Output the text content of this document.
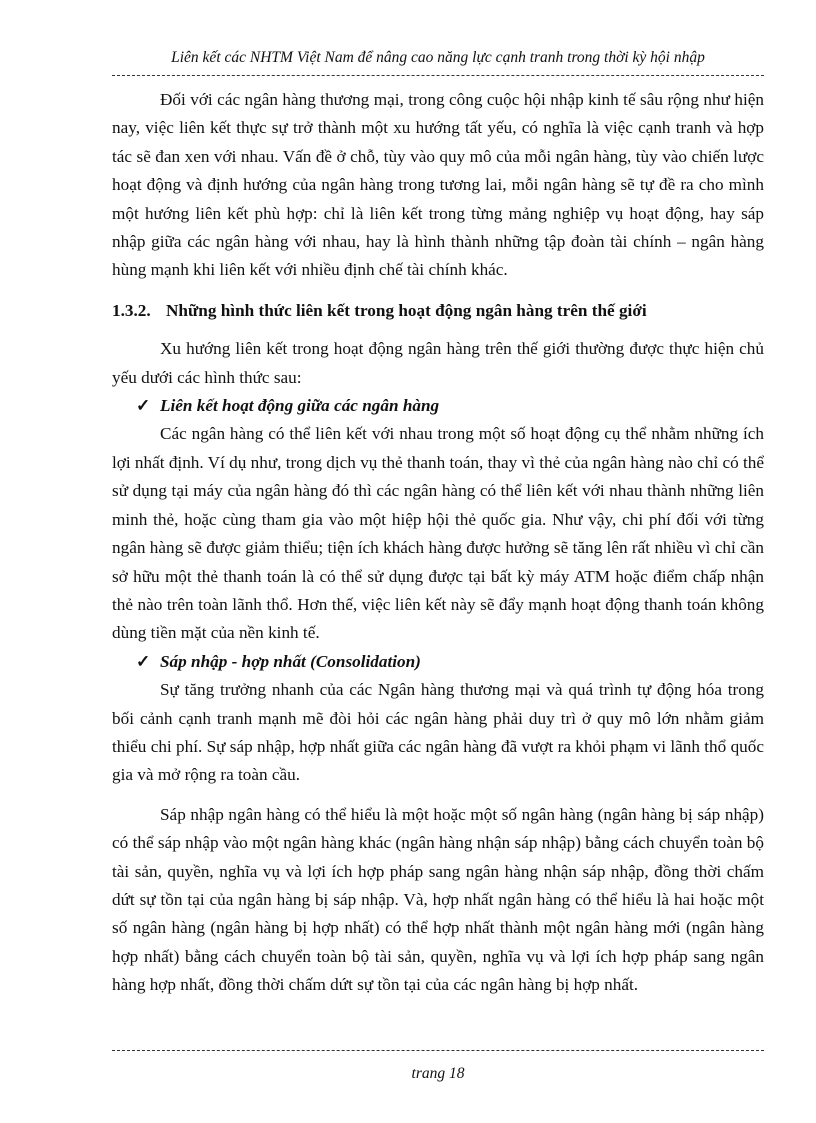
Liên kết các NHTM Việt Nam để nâng cao năng lực cạnh tranh trong thời kỳ hội nhập

Đối với các ngân hàng thương mại, trong công cuộc hội nhập kinh tế sâu rộng như hiện nay, việc liên kết thực sự trở thành một xu hướng tất yếu, có nghĩa là việc cạnh tranh và hợp tác sẽ đan xen với nhau. Vấn đề ở chỗ, tùy vào quy mô của mỗi ngân hàng, tùy vào chiến lược hoạt động và định hướng của ngân hàng trong tương lai, mỗi ngân hàng sẽ tự đề ra cho mình một hướng liên kết phù hợp: chỉ là liên kết trong từng mảng nghiệp vụ hoạt động, hay sáp nhập giữa các ngân hàng với nhau, hay là hình thành những tập đoàn tài chính – ngân hàng hùng mạnh khi liên kết với nhiều định chế tài chính khác.

1.3.2. Những hình thức liên kết trong hoạt động ngân hàng trên thế giới

Xu hướng liên kết trong hoạt động ngân hàng trên thế giới thường được thực hiện chủ yếu dưới các hình thức sau:

✓ Liên kết hoạt động giữa các ngân hàng

Các ngân hàng có thể liên kết với nhau trong một số hoạt động cụ thể nhằm những ích lợi nhất định. Ví dụ như, trong dịch vụ thẻ thanh toán, thay vì thẻ của ngân hàng nào chỉ có thể sử dụng tại máy của ngân hàng đó thì các ngân hàng có thể liên kết với nhau thành những liên minh thẻ, hoặc cùng tham gia vào một hiệp hội thẻ quốc gia. Như vậy, chi phí đối với từng ngân hàng sẽ được giảm thiểu; tiện ích khách hàng được hưởng sẽ tăng lên rất nhiều vì chỉ cần sở hữu một thẻ thanh toán là có thể sử dụng được tại bất kỳ máy ATM hoặc điểm chấp nhận thẻ nào trên toàn lãnh thổ. Hơn thế, việc liên kết này sẽ đẩy mạnh hoạt động thanh toán không dùng tiền mặt của nền kinh tế.

✓ Sáp nhập - hợp nhất (Consolidation)

Sự tăng trưởng nhanh của các Ngân hàng thương mại và quá trình tự động hóa trong bối cảnh cạnh tranh mạnh mẽ đòi hỏi các ngân hàng phải duy trì ở quy mô lớn nhằm giảm thiểu chi phí. Sự sáp nhập, hợp nhất giữa các ngân hàng đã vượt ra khỏi phạm vi lãnh thổ quốc gia và mở rộng ra toàn cầu.

Sáp nhập ngân hàng có thể hiểu là một hoặc một số ngân hàng (ngân hàng bị sáp nhập) có thể sáp nhập vào một ngân hàng khác (ngân hàng nhận sáp nhập) bằng cách chuyển toàn bộ tài sản, quyền, nghĩa vụ và lợi ích hợp pháp sang ngân hàng nhận sáp nhập, đồng thời chấm dứt sự tồn tại của ngân hàng bị sáp nhập. Và, hợp nhất ngân hàng có thể hiểu là hai hoặc một số ngân hàng (ngân hàng bị hợp nhất) có thể hợp nhất thành một ngân hàng mới (ngân hàng hợp nhất) bằng cách chuyển toàn bộ tài sản, quyền, nghĩa vụ và lợi ích hợp pháp sang ngân hàng hợp nhất, đồng thời chấm dứt sự tồn tại của các ngân hàng bị hợp nhất.

trang 18
